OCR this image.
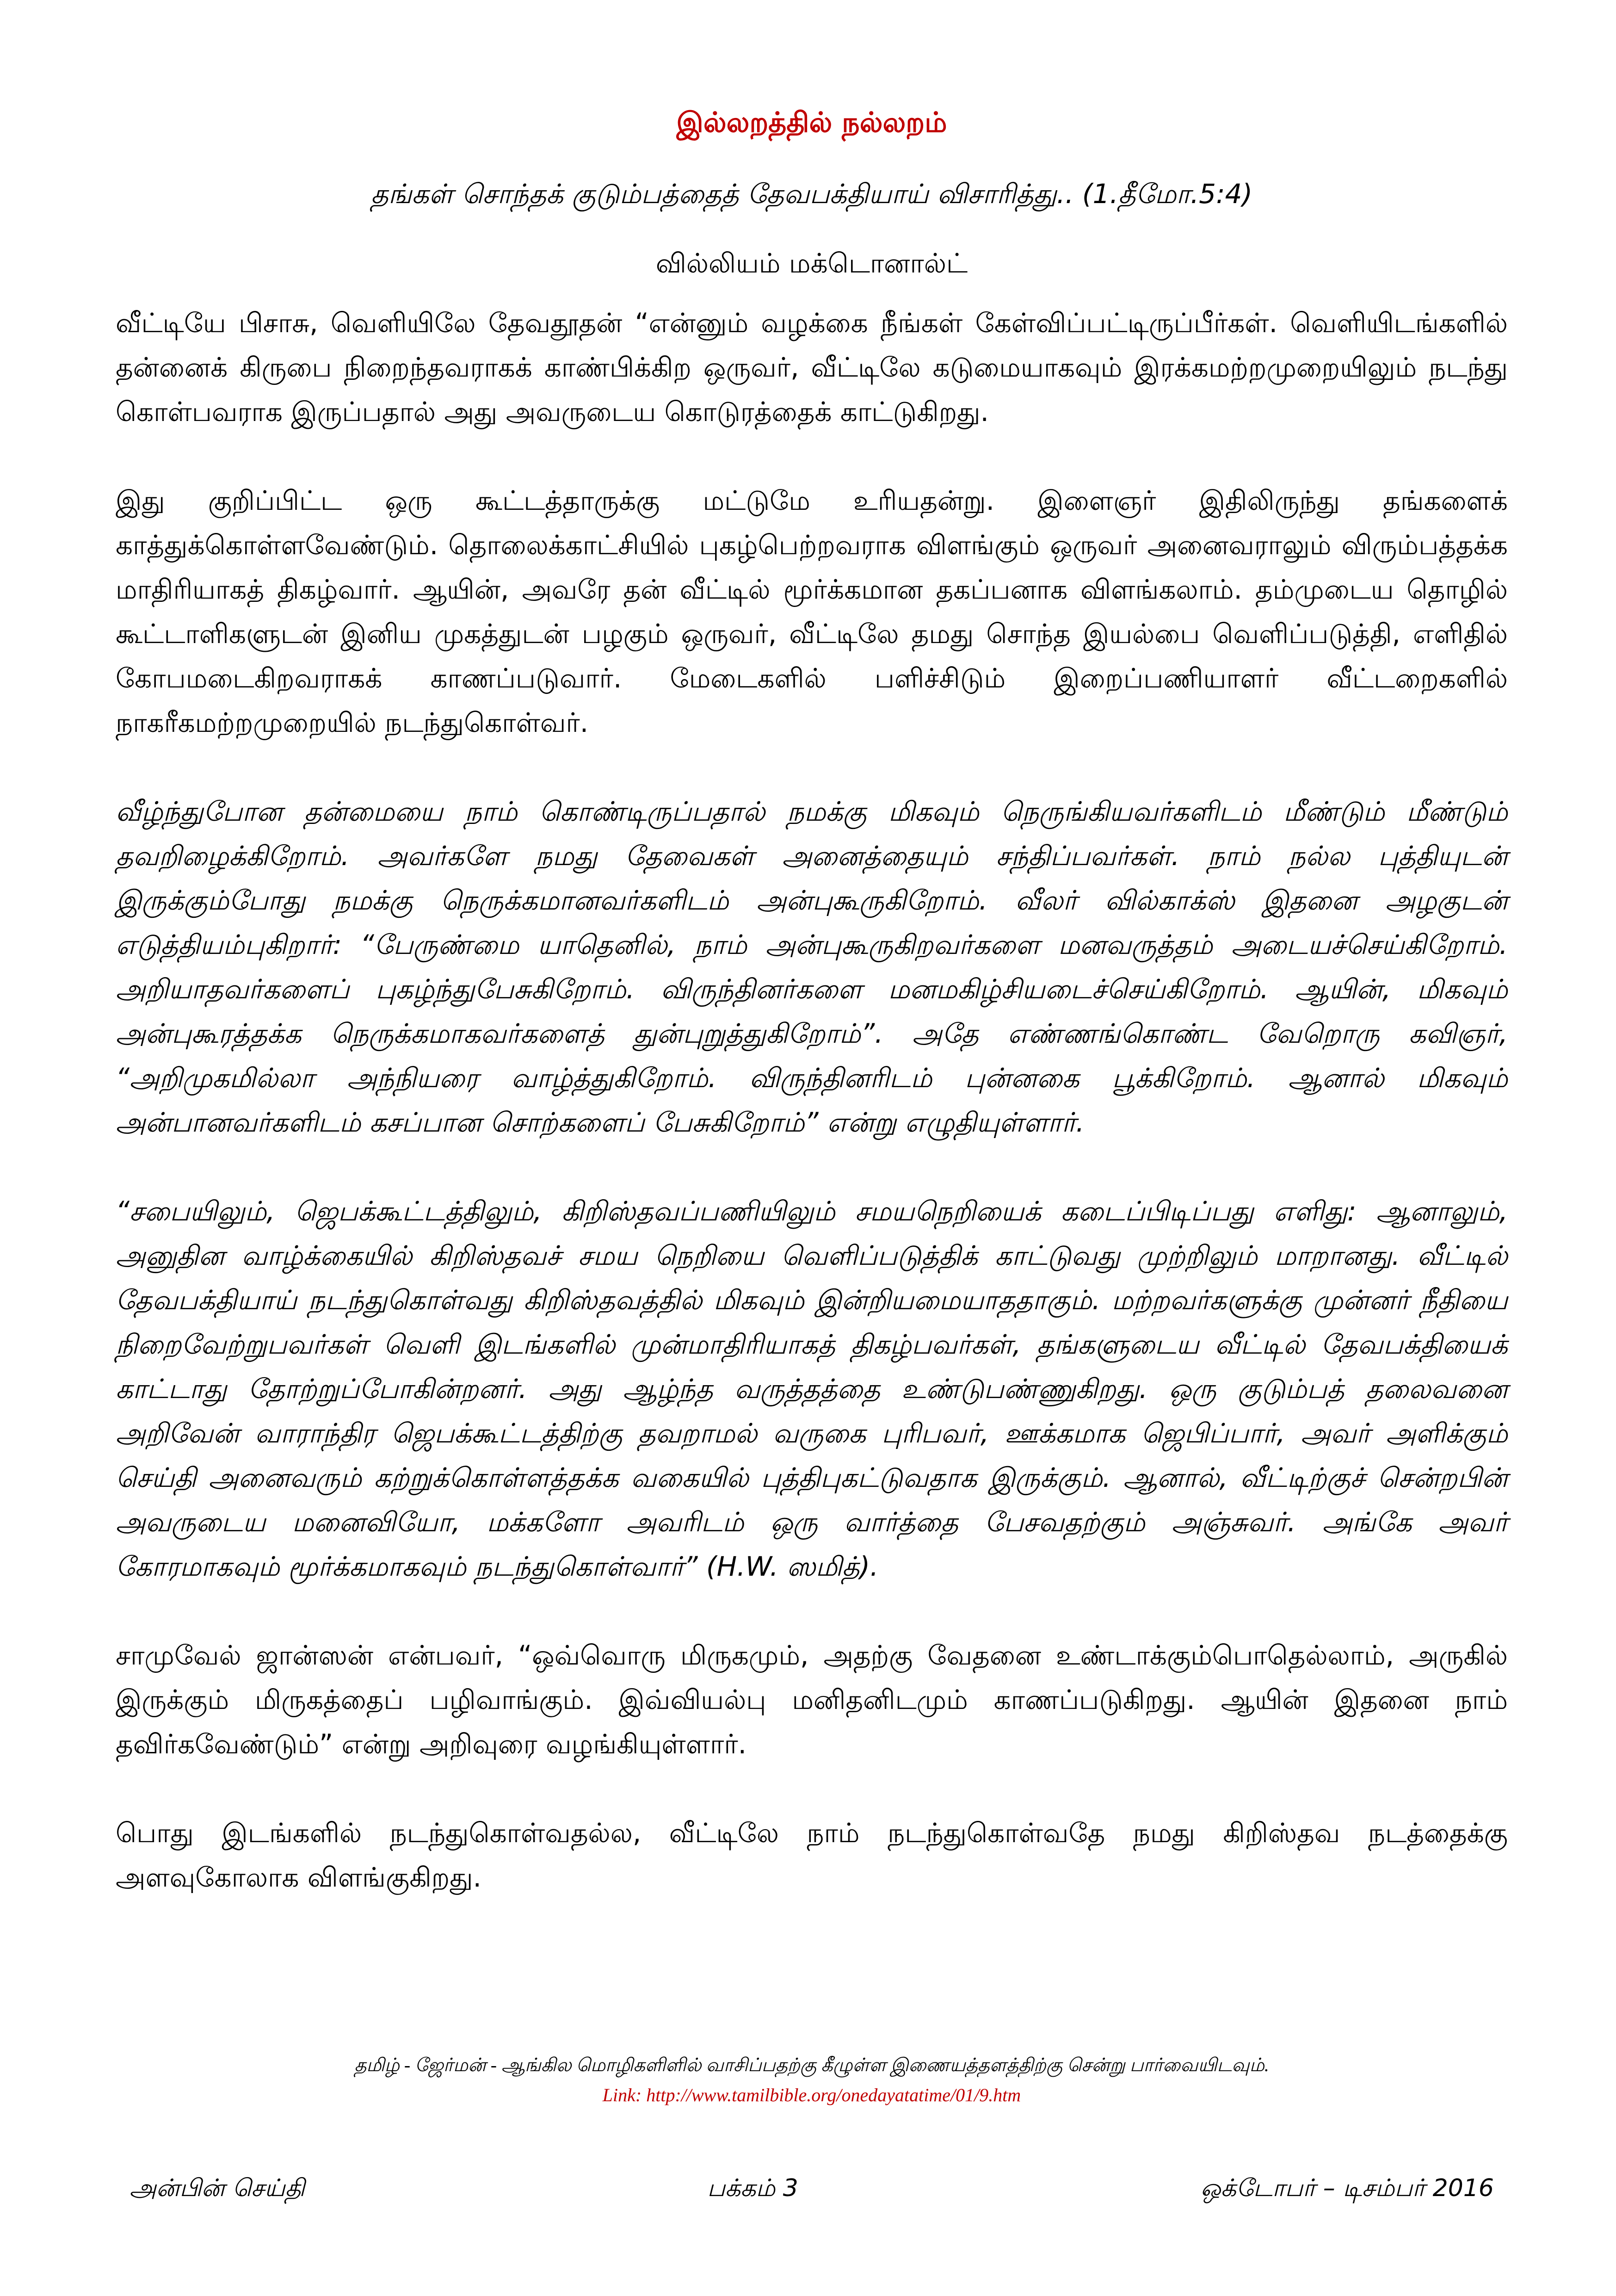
இல்லறத்தில் நல்லறம்
தங்கள் சொந்தக் குடும்பத்தைத் தேவபக்தியாய் விசாரித்து.. (1.தீமோ.5:4)
வில்லியம் மக்டொனால்ட்

வீட்டியே பிசாசு, வெளியிலே தேவதூதன் “என்னும் வழக்கை நீங்கள் கேள்விப்பட்டிருப்பீர்கள். வெளியிடங்களில் தன்னைக் கிருபை நிறைந்தவராகக் காண்பிக்கிற ஒருவர், வீட்டிலே கடுமையாகவும் இரக்கமற்றமுறையிலும் நடந்து கொள்பவராக இருப்பதால் அது அவருடைய கொடுரத்தைக் காட்டுகிறது.

இது குறிப்பிட்ட ஒரு கூட்டத்தாருக்கு மட்டுமே உரியதன்று. இளைஞர் இதிலிருந்து தங்களைக் காத்துக்கொள்ளவேண்டும். தொலைக்காட்சியில் புகழ்பெற்றவராக விளங்கும் ஒருவர் அனைவராலும் விரும்பத்தக்க மாதிரியாகத் திகழ்வார். ஆயின், அவரே தன் வீட்டில் மூர்க்கமான தகப்பனாக விளங்கலாம். தம்முடைய தொழில் கூட்டாளிகளுடன் இனிய முகத்துடன் பழகும் ஒருவர், வீட்டிலே தமது சொந்த இயல்பை வெளிப்படுத்தி, எளிதில் கோபமடைகிறவராகக் காணப்படுவார். மேடைகளில் பளிச்சிடும் இறைப்பணியாளர் வீட்டறைகளில் நாகரீகமற்றமுறையில் நடந்துகொள்வர்.

வீழ்ந்துபோன தன்மையை நாம் கொண்டிருப்பதால் நமக்கு மிகவும் நெருங்கியவர்களிடம் மீண்டும் மீண்டும் தவறிழைக்கிறோம். அவர்களே நமது தேவைகள் அனைத்தையும் சந்திப்பவர்கள். நாம் நல்ல புத்தியுடன் இருக்கும்போது நமக்கு நெருக்கமானவர்களிடம் அன்புகூருகிறோம். வீலர் வில்காக்ஸ் இதனை அழகுடன் எடுத்தியம்புகிறார்: “பேருண்மை யாதெனில், நாம் அன்புகூருகிறவர்களை மனவருத்தம் அடையச்செய்கிறோம். அறியாதவர்களைப் புகழ்ந்துபேசுகிறோம். விருந்தினர்களை மனமகிழ்சியடைச்செய்கிறோம். ஆயின், மிகவும் அன்புகூரத்தக்க நெருக்கமாகவர்களைத் துன்புறுத்துகிறோம்”. அதே எண்ணங்கொண்ட வேறொரு கவிஞர், “அறிமுகமில்லா அந்நியரை வாழ்த்துகிறோம். விருந்தினரிடம் புன்னகை பூக்கிறோம். ஆனால் மிகவும் அன்பானவர்களிடம் கசப்பான சொற்களைப் பேசுகிறோம்” என்று எழுதியுள்ளார்.

“சபையிலும், ஜெபக்கூட்டத்திலும், கிறிஸ்தவப்பணியிலும் சமயநெறியைக் கடைப்பிடிப்பது எளிது: ஆனாலும், அனுதின வாழ்க்கையில் கிறிஸ்தவச் சமய நெறியை வெளிப்படுத்திக் காட்டுவது முற்றிலும் மாறானது. வீட்டில் தேவபக்தியாய் நடந்துகொள்வது கிறிஸ்தவத்தில் மிகவும் இன்றியமையாததாகும். மற்றவர்களுக்கு முன்னர் நீதியை நிறைவேற்றுபவர்கள் வெளி இடங்களில் முன்மாதிரியாகத் திகழ்பவர்கள், தங்களுடைய வீட்டில் தேவபக்தியைக் காட்டாது தோற்றுப்போகின்றனர். அது ஆழ்ந்த வருத்தத்தை உண்டுபண்ணுகிறது. ஒரு குடும்பத் தலைவனை அறிவேன் வாராந்திர ஜெபக்கூட்டத்திற்கு தவறாமல் வருகை புரிபவர், ஊக்கமாக ஜெபிப்பார், அவர் அளிக்கும் செய்தி அனைவரும் கற்றுக்கொள்ளத்தக்க வகையில் புத்திபுகட்டுவதாக இருக்கும். ஆனால், வீட்டிற்குச் சென்றபின் அவருடைய மனைவியோ, மக்களோ அவரிடம் ஒரு வார்த்தை பேசவதற்கும் அஞ்சுவர். அங்கே அவர் கோரமாகவும் மூர்க்கமாகவும் நடந்துகொள்வார்” (H.W. ஸமித்).

சாமுவேல் ஜான்ஸன் என்பவர், “ஒவ்வொரு மிருகமும், அதற்கு வேதனை உண்டாக்கும்பொதெல்லாம், அருகில் இருக்கும் மிருகத்தைப் பழிவாங்கும். இவ்வியல்பு மனிதனிடமும் காணப்படுகிறது. ஆயின் இதனை நாம் தவிர்கவேண்டும்” என்று அறிவுரை வழங்கியுள்ளார்.

பொது இடங்களில் நடந்துகொள்வதல்ல, வீட்டிலே நாம் நடந்துகொள்வதே நமது கிறிஸ்தவ நடத்தைக்கு அளவுகோலாக விளங்குகிறது.

தமிழ் - ஜேர்மன் - ஆங்கில மொழிகளிளில் வாசிப்பதற்கு கீழுள்ள இணையத்தளத்திற்கு சென்று பார்வையிடவும்.
Link: http://www.tamilbible.org/onedayatatime/01/9.htm
அன்பின் செய்தி	பக்கம் 3	ஒக்டோபர் – டிசம்பர் 2016
